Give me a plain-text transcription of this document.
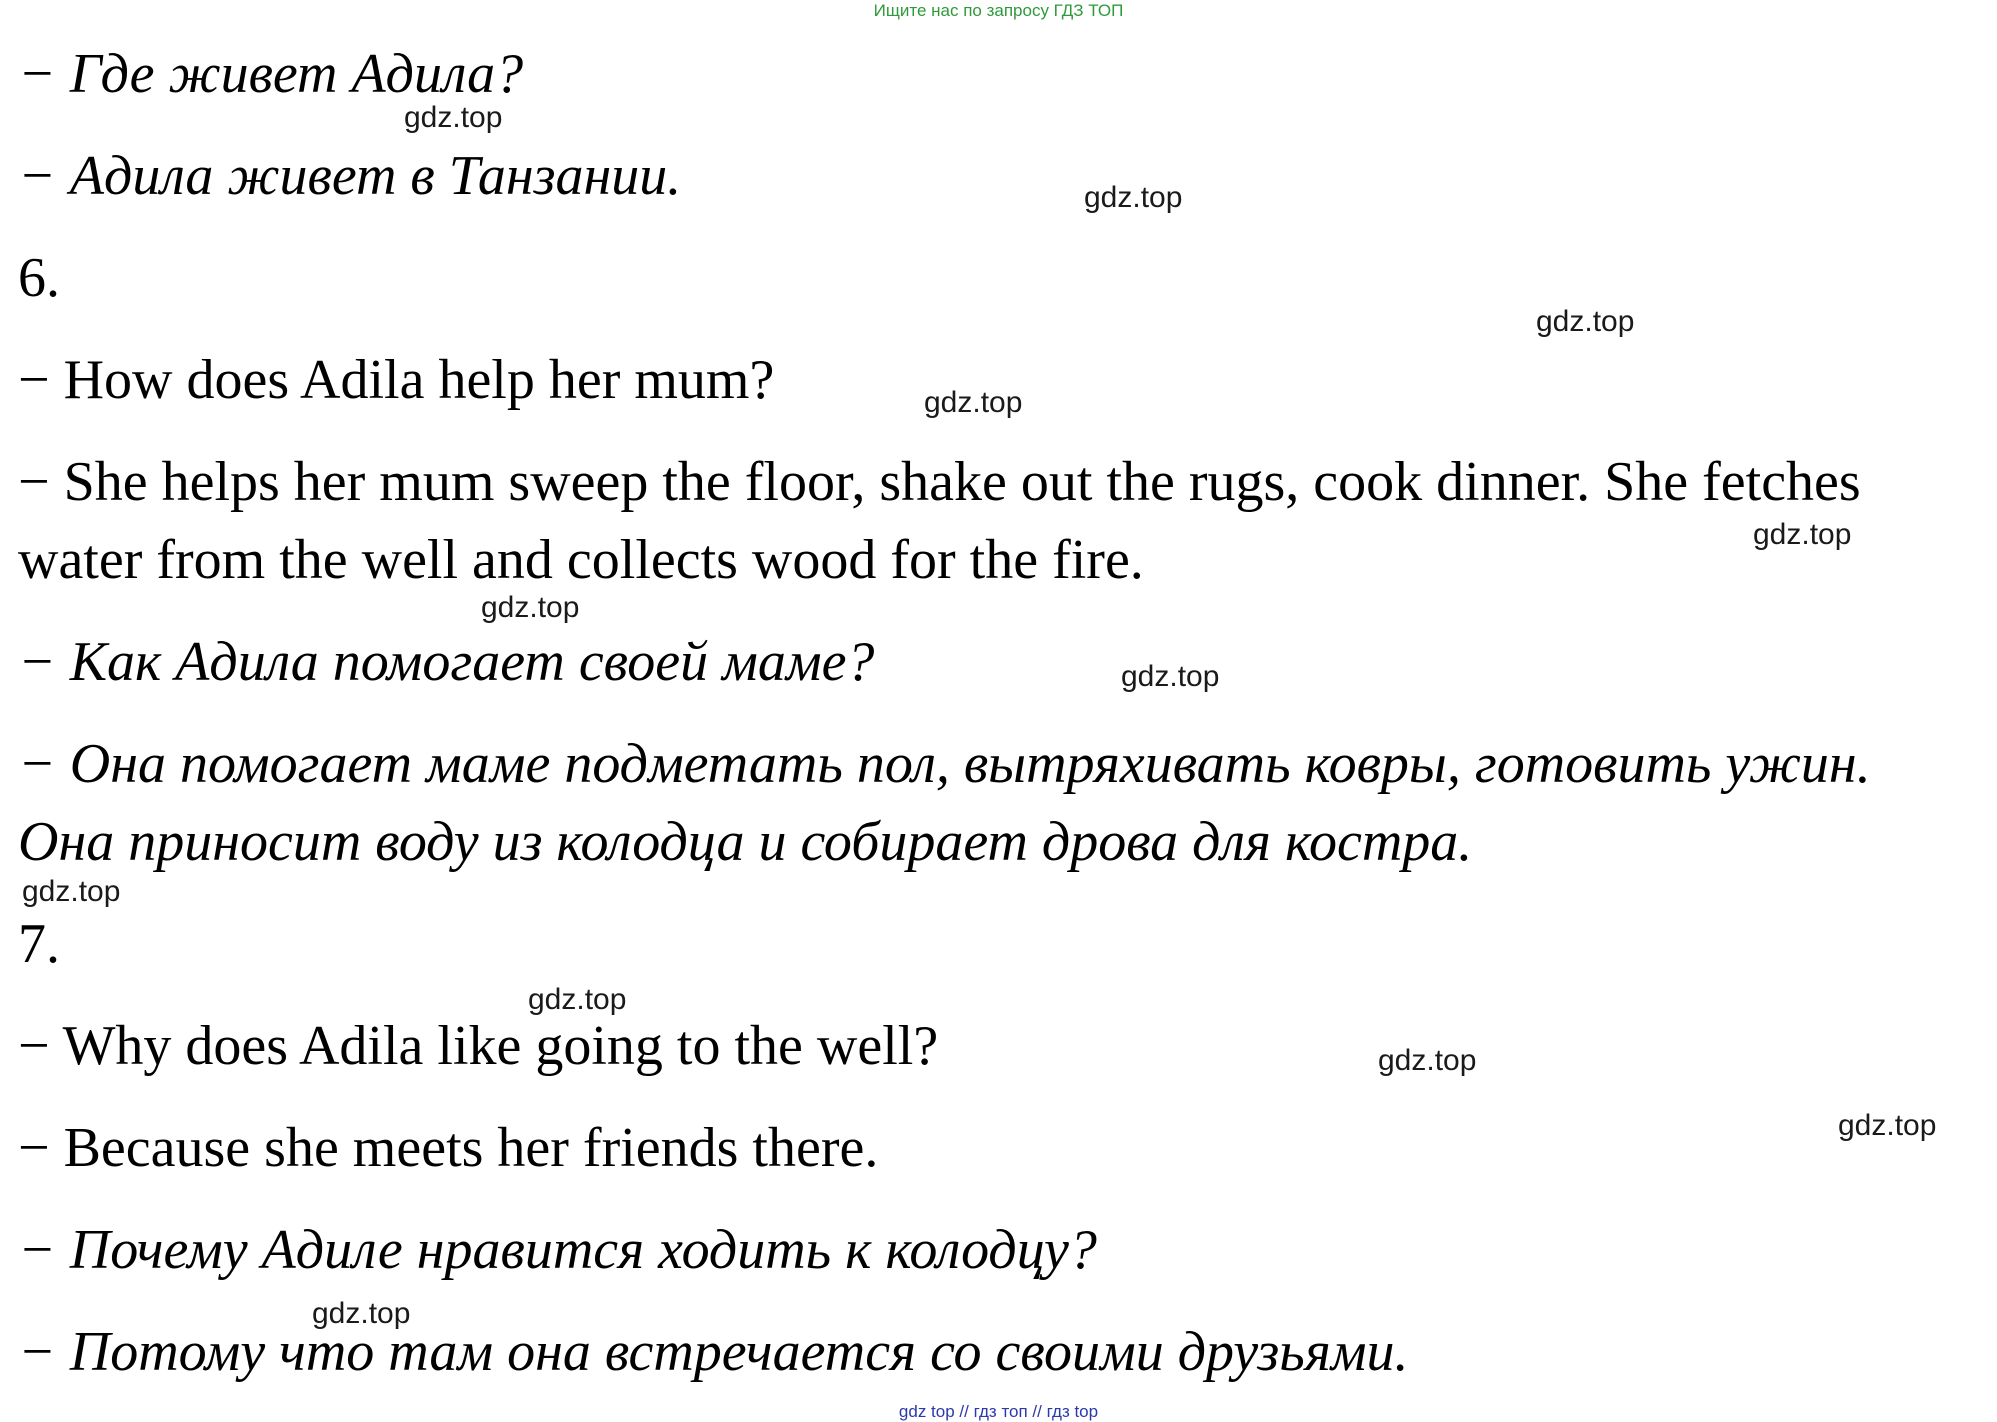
Ищите нас по запросу ГДЗ ТОП
− Где живет Адила?
− Адила живет в Танзании.
6.
− How does Adila help her mum?
− She helps her mum sweep the floor, shake out the rugs, cook dinner. She fetches
water from the well and collects wood for the fire.
− Как Адила помогает своей маме?
− Она помогает маме подметать пол, вытряхивать ковры, готовить ужин.
Она приносит воду из колодца и собирает дрова для костра.
7.
− Why does Adila like going to the well?
− Because she meets her friends there.
− Почему Адиле нравится ходить к колодцу?
− Потому что там она встречается со своими друзьями.
gdz.top
gdz.top
gdz.top
gdz.top
gdz.top
gdz.top
gdz.top
gdz.top
gdz.top
gdz.top
gdz.top
gdz.top
gdz top // гдз топ // гдз top
